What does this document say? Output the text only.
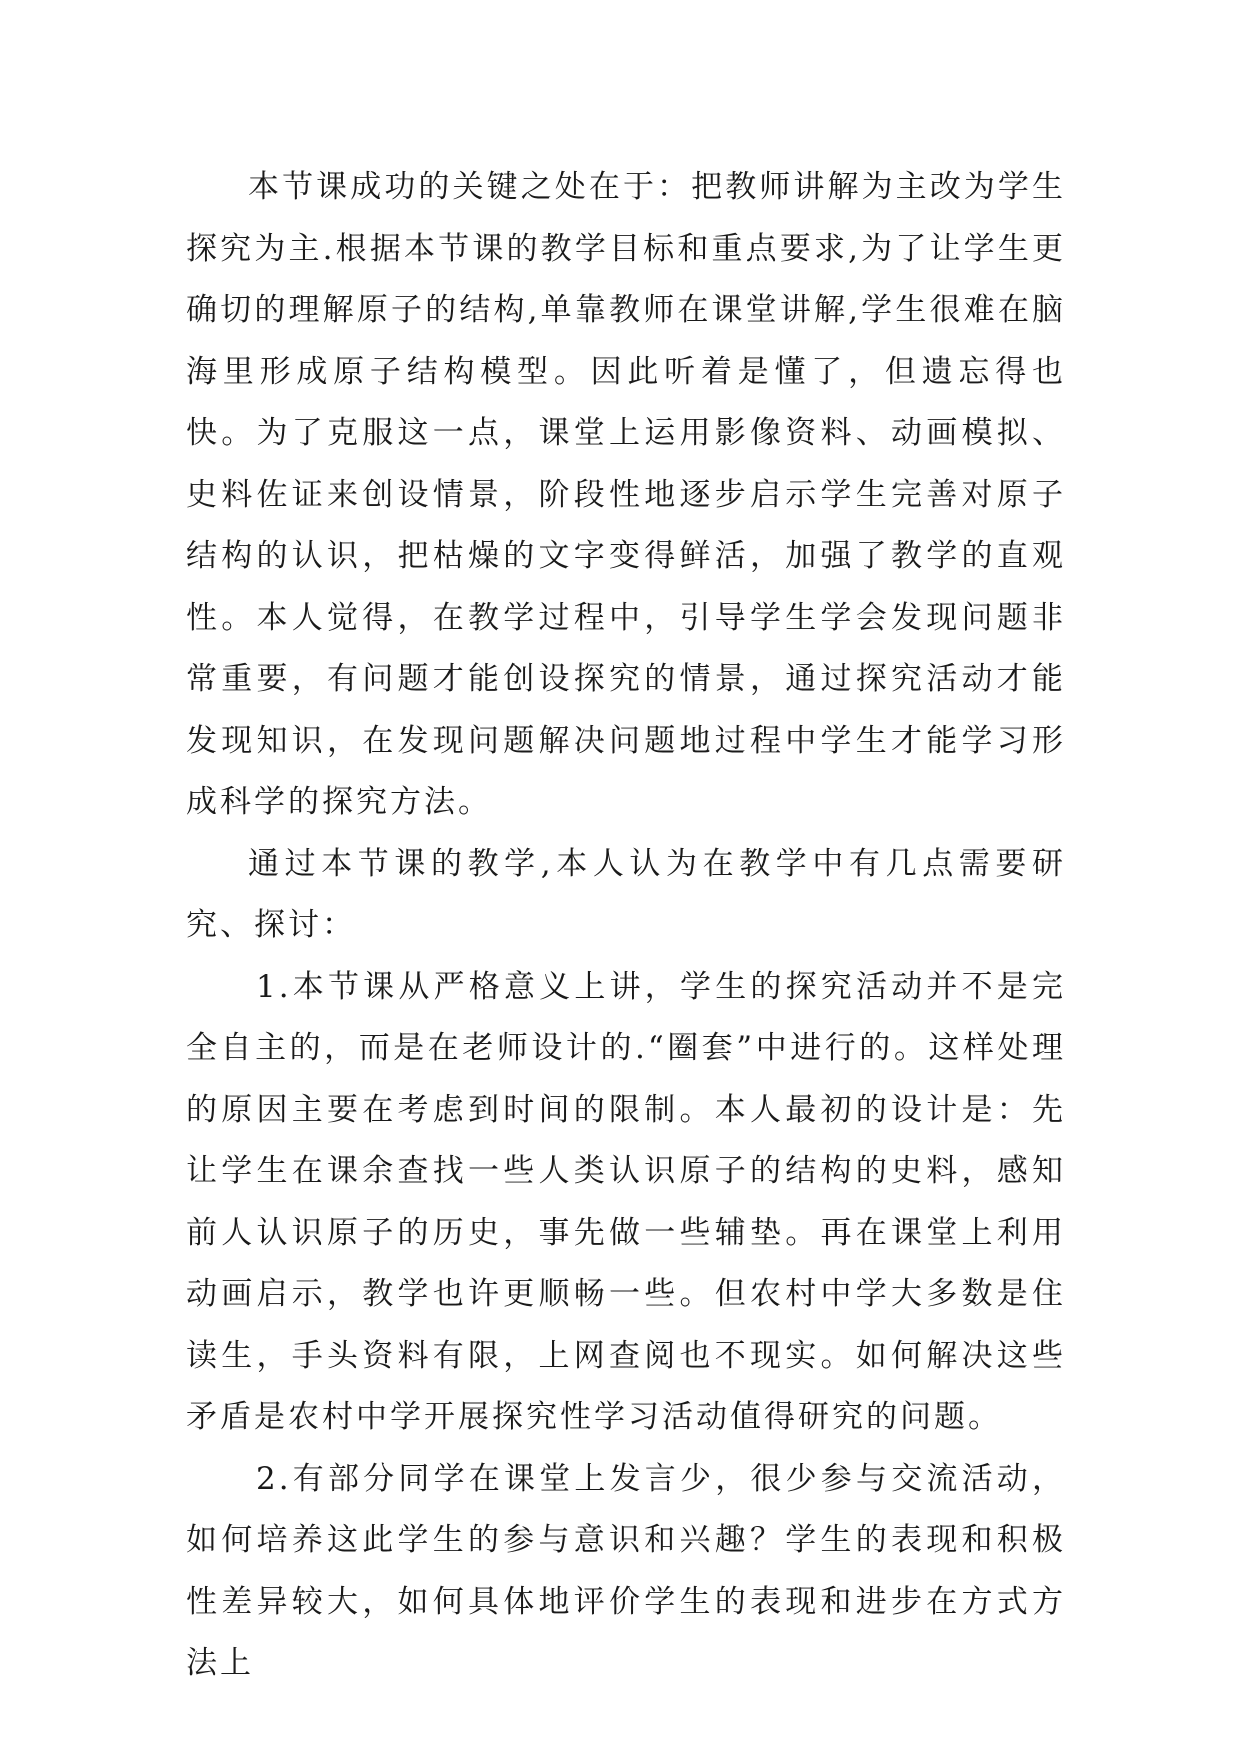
本节课成功的关键之处在于：把教师讲解为主改为学生探究为主.根据本节课的教学目标和重点要求,为了让学生更确切的理解原子的结构,单靠教师在课堂讲解,学生很难在脑海里形成原子结构模型。因此听着是懂了，但遗忘得也快。为了克服这一点，课堂上运用影像资料、动画模拟、史料佐证来创设情景，阶段性地逐步启示学生完善对原子结构的认识，把枯燥的文字变得鲜活，加强了教学的直观性。本人觉得，在教学过程中，引导学生学会发现问题非常重要，有问题才能创设探究的情景，通过探究活动才能发现知识，在发现问题解决问题地过程中学生才能学习形成科学的探究方法。

通过本节课的教学,本人认为在教学中有几点需要研究、探讨：

1.本节课从严格意义上讲，学生的探究活动并不是完全自主的，而是在老师设计的.“圈套”中进行的。这样处理的原因主要在考虑到时间的限制。本人最初的设计是：先让学生在课余查找一些人类认识原子的结构的史料，感知前人认识原子的历史，事先做一些辅垫。再在课堂上利用动画启示，教学也许更顺畅一些。但农村中学大多数是住读生，手头资料有限，上网查阅也不现实。如何解决这些矛盾是农村中学开展探究性学习活动值得研究的问题。

2.有部分同学在课堂上发言少，很少参与交流活动，如何培养这此学生的参与意识和兴趣？学生的表现和积极性差异较大，如何具体地评价学生的表现和进步在方式方法上
